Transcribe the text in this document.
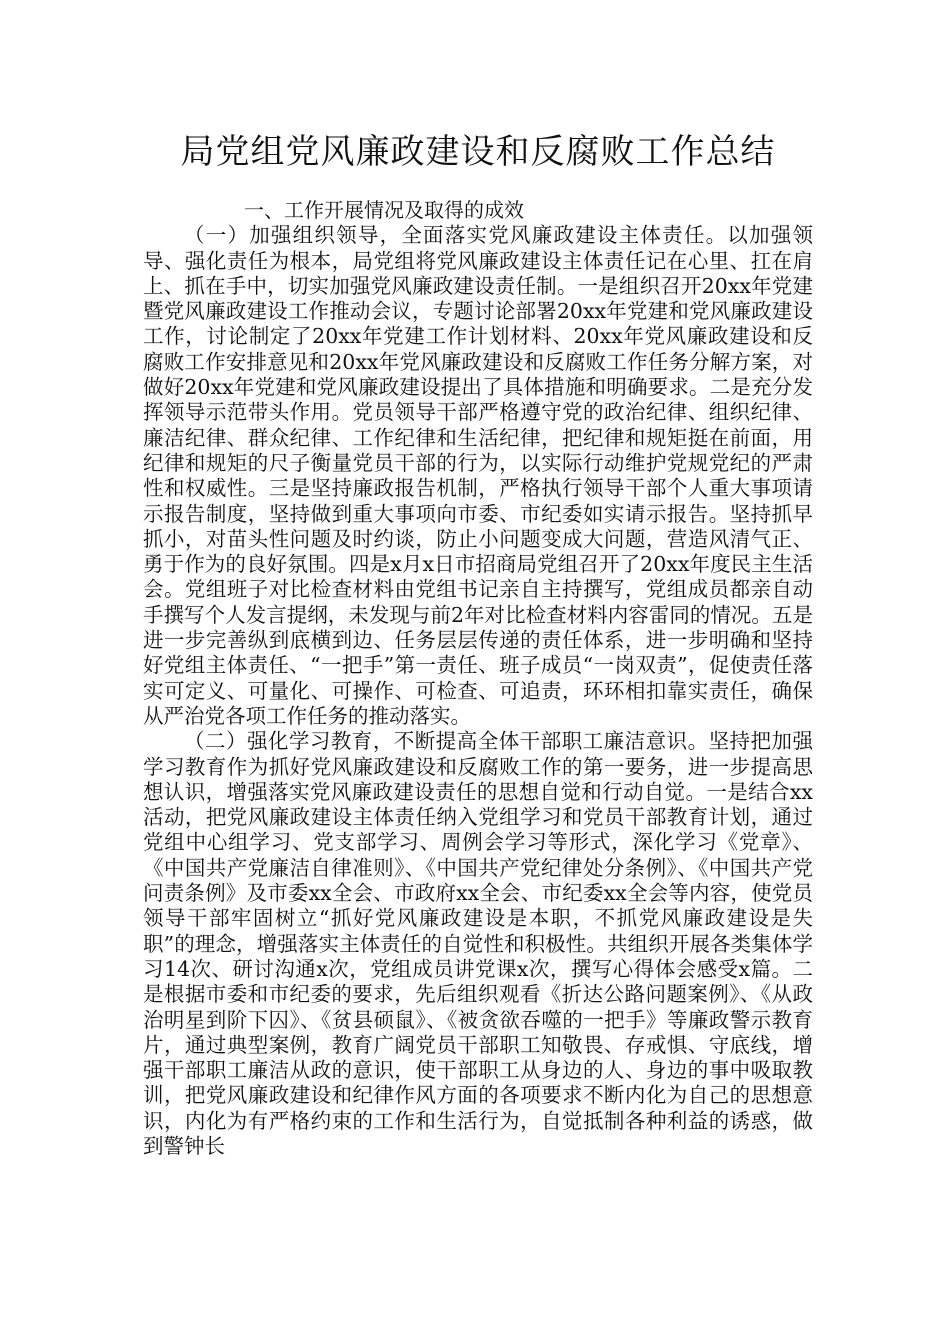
局党组党风廉政建设和反腐败工作总结

一、工作开展情况及取得的成效

（一）加强组织领导，全面落实党风廉政建设主体责任。以加强领导、强化责任为根本，局党组将党风廉政建设主体责任记在心里、扛在肩上、抓在手中，切实加强党风廉政建设责任制。一是组织召开20xx年党建暨党风廉政建设工作推动会议，专题讨论部署20xx年党建和党风廉政建设工作，讨论制定了20xx年党建工作计划材料、20xx年党风廉政建设和反腐败工作安排意见和20xx年党风廉政建设和反腐败工作任务分解方案，对做好20xx年党建和党风廉政建设提出了具体措施和明确要求。二是充分发挥领导示范带头作用。党员领导干部严格遵守党的政治纪律、组织纪律、廉洁纪律、群众纪律、工作纪律和生活纪律，把纪律和规矩挺在前面，用纪律和规矩的尺子衡量党员干部的行为，以实际行动维护党规党纪的严肃性和权威性。三是坚持廉政报告机制，严格执行领导干部个人重大事项请示报告制度，坚持做到重大事项向市委、市纪委如实请示报告。坚持抓早抓小，对苗头性问题及时约谈，防止小问题变成大问题，营造风清气正、勇于作为的良好氛围。四是x月x日市招商局党组召开了20xx年度民主生活会。党组班子对比检查材料由党组书记亲自主持撰写，党组成员都亲自动手撰写个人发言提纲，未发现与前2年对比检查材料内容雷同的情况。五是进一步完善纵到底横到边、任务层层传递的责任体系，进一步明确和坚持好党组主体责任、“一把手”第一责任、班子成员“一岗双责”，促使责任落实可定义、可量化、可操作、可检查、可追责，环环相扣靠实责任，确保从严治党各项工作任务的推动落实。

（二）强化学习教育，不断提高全体干部职工廉洁意识。坚持把加强学习教育作为抓好党风廉政建设和反腐败工作的第一要务，进一步提高思想认识，增强落实党风廉政建设责任的思想自觉和行动自觉。一是结合xx活动，把党风廉政建设主体责任纳入党组学习和党员干部教育计划，通过党组中心组学习、党支部学习、周例会学习等形式，深化学习《党章》、《中国共产党廉洁自律准则》、《中国共产党纪律处分条例》、《中国共产党问责条例》及市委xx全会、市政府xx全会、市纪委xx全会等内容，使党员领导干部牢固树立“抓好党风廉政建设是本职，不抓党风廉政建设是失职”的理念，增强落实主体责任的自觉性和积极性。共组织开展各类集体学习14次、研讨沟通x次，党组成员讲党课x次，撰写心得体会感受x篇。二是根据市委和市纪委的要求，先后组织观看《折达公路问题案例》、《从政治明星到阶下囚》、《贫县硕鼠》、《被贪欲吞噬的一把手》等廉政警示教育片，通过典型案例，教育广阔党员干部职工知敬畏、存戒惧、守底线，增强干部职工廉洁从政的意识，使干部职工从身边的人、身边的事中吸取教训，把党风廉政建设和纪律作风方面的各项要求不断内化为自己的思想意识，内化为有严格约束的工作和生活行为，自觉抵制各种利益的诱惑，做到警钟长
